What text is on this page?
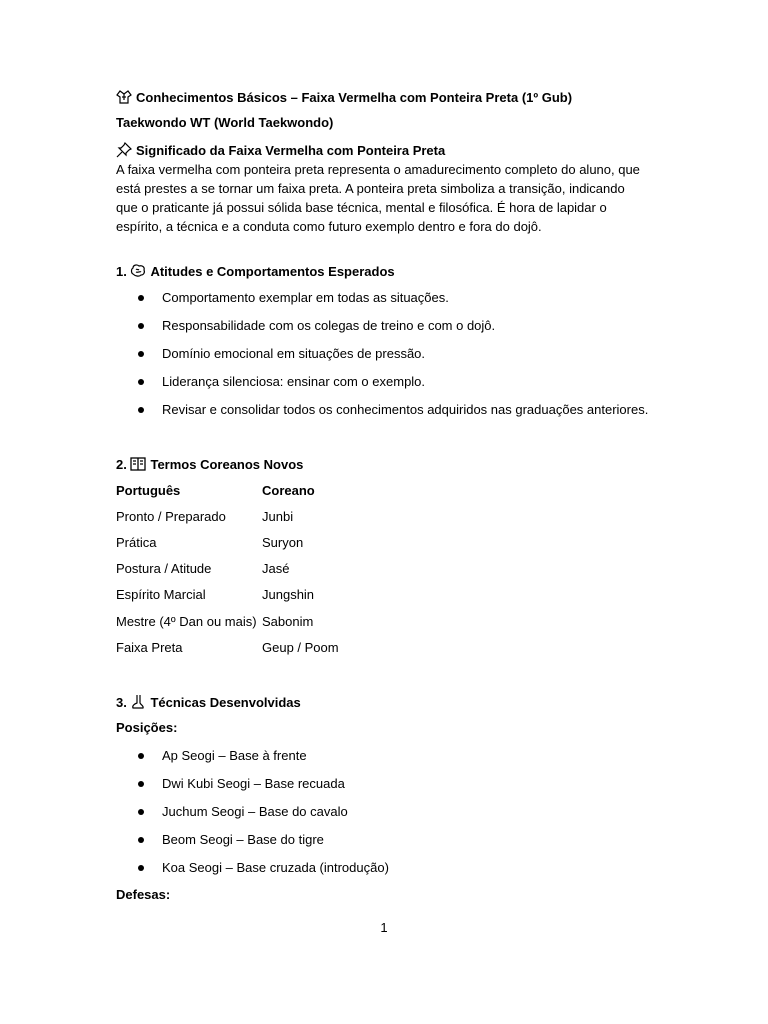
Conhecimentos Básicos – Faixa Vermelha com Ponteira Preta (1º Gub)
Taekwondo WT (World Taekwondo)
Significado da Faixa Vermelha com Ponteira Preta
A faixa vermelha com ponteira preta representa o amadurecimento completo do aluno, que
está prestes a se tornar um faixa preta. A ponteira preta simboliza a transição, indicando
que o praticante já possui sólida base técnica, mental e filosófica. É hora de lapidar o
espírito, a técnica e a conduta como futuro exemplo dentro e fora do dojô.
1. Atitudes e Comportamentos Esperados
Comportamento exemplar em todas as situações.
Responsabilidade com os colegas de treino e com o dojô.
Domínio emocional em situações de pressão.
Liderança silenciosa: ensinar com o exemplo.
Revisar e consolidar todos os conhecimentos adquiridos nas graduações anteriores.
2. Termos Coreanos Novos
Português	Coreano
Pronto / Preparado	Junbi
Prática	Suryon
Postura / Atitude	Jasé
Espírito Marcial	Jungshin
Mestre (4º Dan ou mais) Sabonim
Faixa Preta	Geup / Poom
3. Técnicas Desenvolvidas
Posições:
Ap Seogi – Base à frente
Dwi Kubi Seogi – Base recuada
Juchum Seogi – Base do cavalo
Beom Seogi – Base do tigre
Koa Seogi – Base cruzada (introdução)
Defesas:
1
